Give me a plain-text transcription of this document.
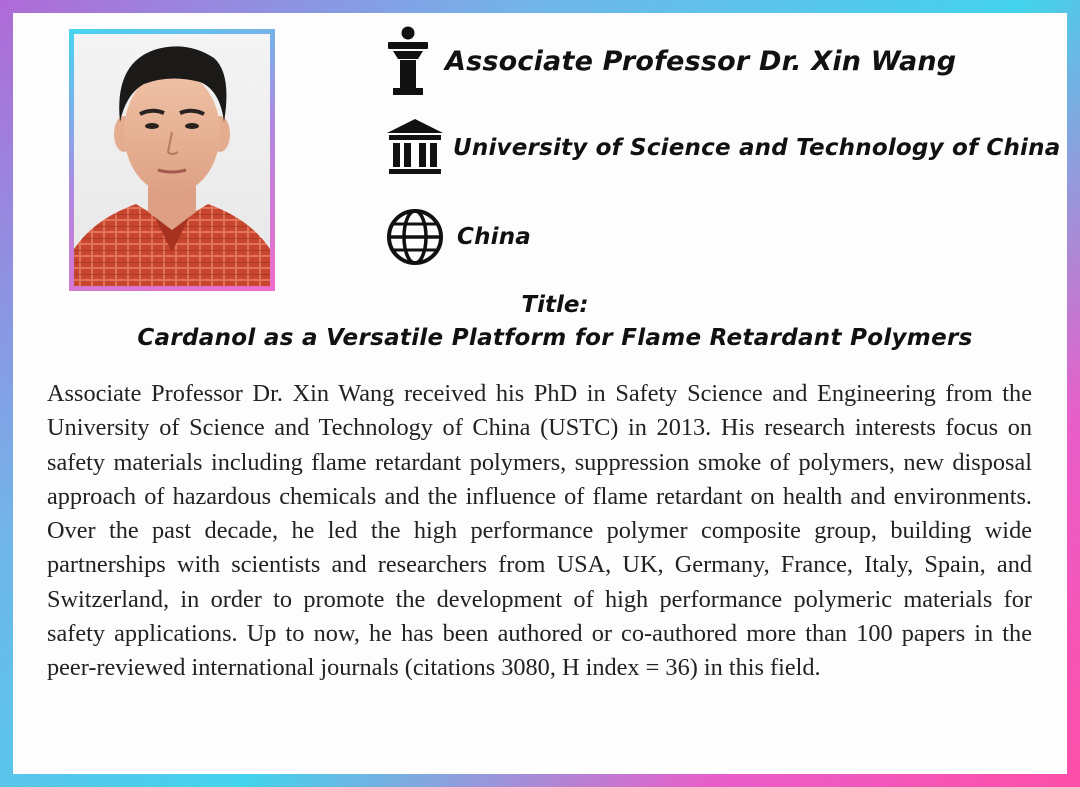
Associate Professor Dr. Xin Wang
University of Science and Technology of China
China
Title:
Cardanol as a Versatile Platform for Flame Retardant Polymers

Associate Professor Dr. Xin Wang received his PhD in Safety Science and Engineering from the University of Science and Technology of China (USTC) in 2013. His research interests focus on safety materials including flame retardant polymers, suppression smoke of polymers, new disposal approach of hazardous chemicals and the influence of flame retardant on health and environments. Over the past decade, he led the high performance polymer composite group, building wide partnerships with scientists and researchers from USA, UK, Germany, France, Italy, Spain, and Switzerland, in order to promote the development of high performance polymeric materials for safety applications. Up to now, he has been authored or co-authored more than 100 papers in the peer-reviewed international journals (citations 3080, H index = 36) in this field.
